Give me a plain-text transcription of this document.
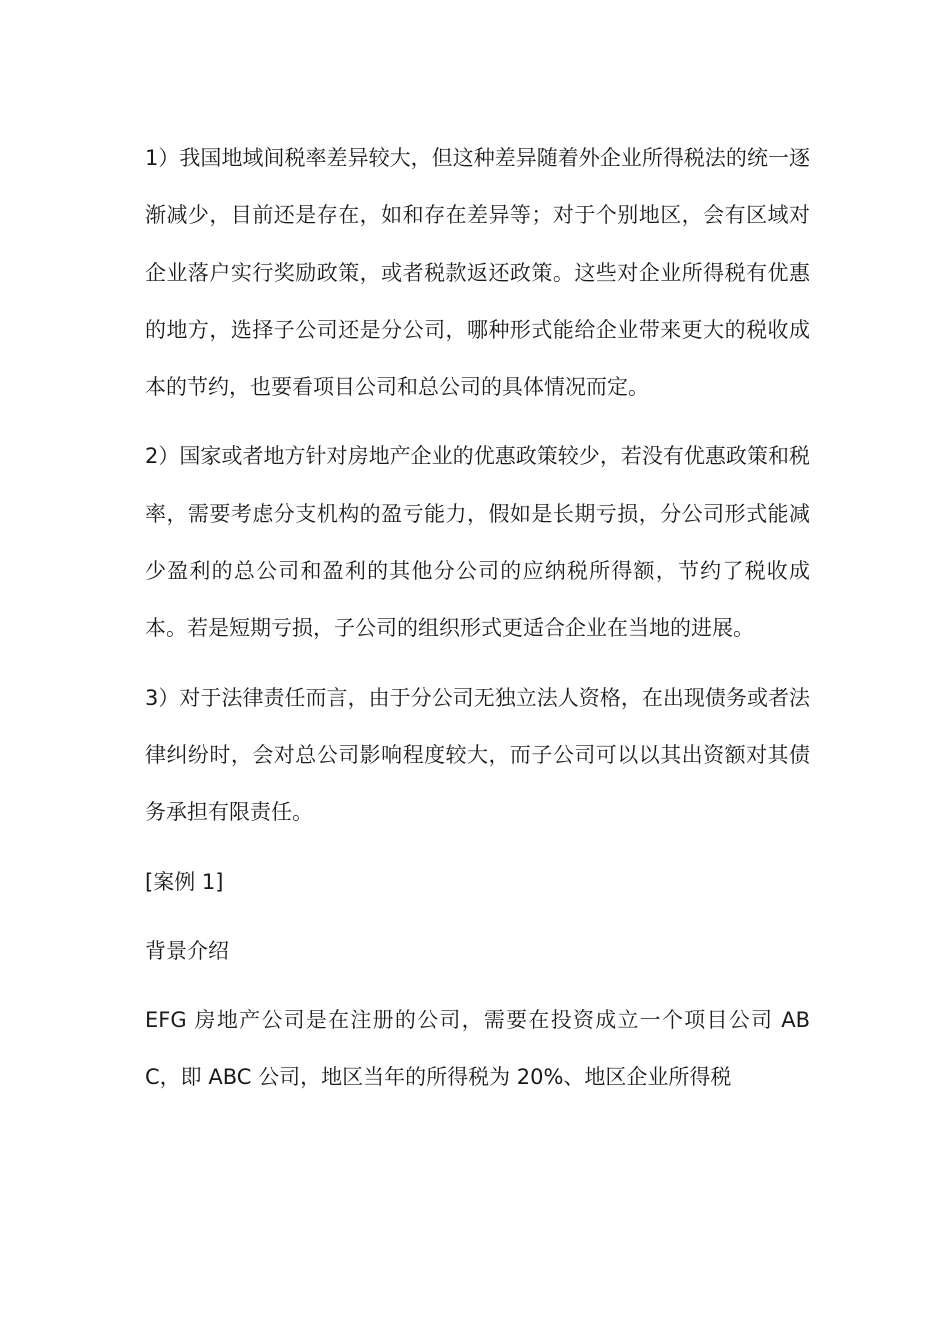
1）我国地域间税率差异较大，但这种差异随着外企业所得税法的统一逐渐减少，目前还是存在，如和存在差异等；对于个别地区，会有区域对企业落户实行奖励政策，或者税款返还政策。这些对企业所得税有优惠的地方，选择子公司还是分公司，哪种形式能给企业带来更大的税收成本的节约，也要看项目公司和总公司的具体情况而定。

2）国家或者地方针对房地产企业的优惠政策较少，若没有优惠政策和税率，需要考虑分支机构的盈亏能力，假如是长期亏损，分公司形式能减少盈利的总公司和盈利的其他分公司的应纳税所得额，节约了税收成本。若是短期亏损，子公司的组织形式更适合企业在当地的进展。

3）对于法律责任而言，由于分公司无独立法人资格，在出现债务或者法律纠纷时，会对总公司影响程度较大，而子公司可以以其出资额对其债务承担有限责任。

[案例 1]

背景介绍

EFG 房地产公司是在注册的公司，需要在投资成立一个项目公司 ABC，即 ABC 公司，地区当年的所得税为 20%、地区企业所得税
